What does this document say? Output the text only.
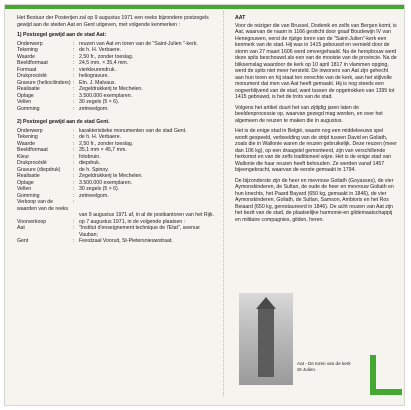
Het Bestuur der Posterijen zal op 9 augustus 1971 een reeks bijzondere postzegels gewijd aan de steden Aat en Gent uitgeven, met volgende kenmerken :

1) Postzegel gewijd aan de stad Aat:
Onderwerp	: reuzen van Aat en toren van de "Saint-Julien "-kerk.
Tekening	: de h. H. Verbaere.
Waarde	: 2,50 fr., zonder toeslag.
Beeldformaat	: 24,5 mm. × 35,4 mm.
Formaat	: vierkleurendruk.
Drukprocédé	: heliogravure.
Gravure (heliocilinders) : Etn. J. Malvaux.
Realisatie	: Zegeldrukkerij te Mechelen.
Oplage	: 3.500.000 exemplaren.
Vellen	: 30 zegels (5 × 6).
Gomming	: zetmeelgom.
2) Postzegel gewijd aan de stad Gent.
Onderwerp	: karakteristieke monumenten van de stad Gent.
Tekening	: de h. H. Verbaere.
Waarde	: 2,50 fr., zonder toeslag.
Beeldformaat	: 35,1 mm × 45,7 mm.
Kleur	: fotobruin.
Drukprocédé	: diepdruk.
Gravure (diepdruk)	: de h. Spinoy.
Realisatie	: Zegeldrukkerij te Mechelen.
Oplage	: 3.500.000 exemplaren.
Vellen	: 30 zegels (5 × 6).
Gomming	: zetmeelgom.
Verkoop van de waarden van de reeks
:
van 9 augustus 1971 af, in al de postkantoren van het Rijk.
Voorverkoop	: op 7 augustus 1971, in de volgende plaatsen :
Aat	: "Institut d'enseignement technique de l'Etat", avenue Vauban;
Gent	: Feestzaal Vooruit, St-Pietersnieuwstraat.
AAT

Voor de reiziger die van Brussel, Dodenik en zelfs van Bergen komt, is Aat, waarvan de naam in 1166 gesticht door graaf Boudewijn IV van Henegouwen, eerst de rijzige toren van de "Saint-Julien"-kerk een kenmerk van de stad. Hij was in 1415 gebouwd en vernield door de storm van 27 maart 1606 werd omvergehaald. Na de heropbouw werd deze spits beschouwd als een van de mooiste van de provincie. Na de bliksemslag waardoor de kerk op 10 april 1817 in vlammen opging, werd de spits niet meer hersteld. De inwoners van Aat zijn gehecht aan hun toren en hij staat ten onrechte van de kerk, aan het stijlvolle monument dat men van Aat heeft gemaakt. Hij is nog steeds een oogverblijvend van de stad, want tussen de opgetrokken van 1395 tot 1415 gebouwd, is het de trots van de stad.

Volgens het artikel duurt het van zijtijdig jaren laten de beeldenprocessie op, waarvan gezegd mag worden, en over het algemeen de reuzen te maken die in augustus.

Het is de enige stad in België, waarin nog een middeleeuws spel wordt gespeeld, verbeelding van de strijd tussen David en Goliath, zoals die in Wallonie waren de reuzen gebruikelijk. Deze reuzen (meer dan 106 kg), op een draagstel gemonteerd, zijn van verschillende herkomst en van de zelfs traditioneel wijze. Het is de enige stad van Wallonie die haar reuzen heeft behouden. Ze werden vanaf 1457 bijeengebracht, waarvan de eerste gemaakt in 1794.

De bijzonderste zijn de heer en mevrouw Goliath (Goyasses), de vier Aymonskinderen, de Sultan, de oude de heer en mevrouw Goliath en hun knechts, het Paard Bayard (650 kg, gemaakt in 1846), de vier Aymonskinderen, Goliath, de Sultan, Samson, Ambiorix en het Ros Beiaard (650 kg, gerestaureerd in 1846). De acht reuzen van Aat zijn het bezit van de stad, de plaatselijke harmonie-en gildemaatschappij en militaire compagnies, gilden, heren.

Aat - De toren van de kerk St-Julien.
